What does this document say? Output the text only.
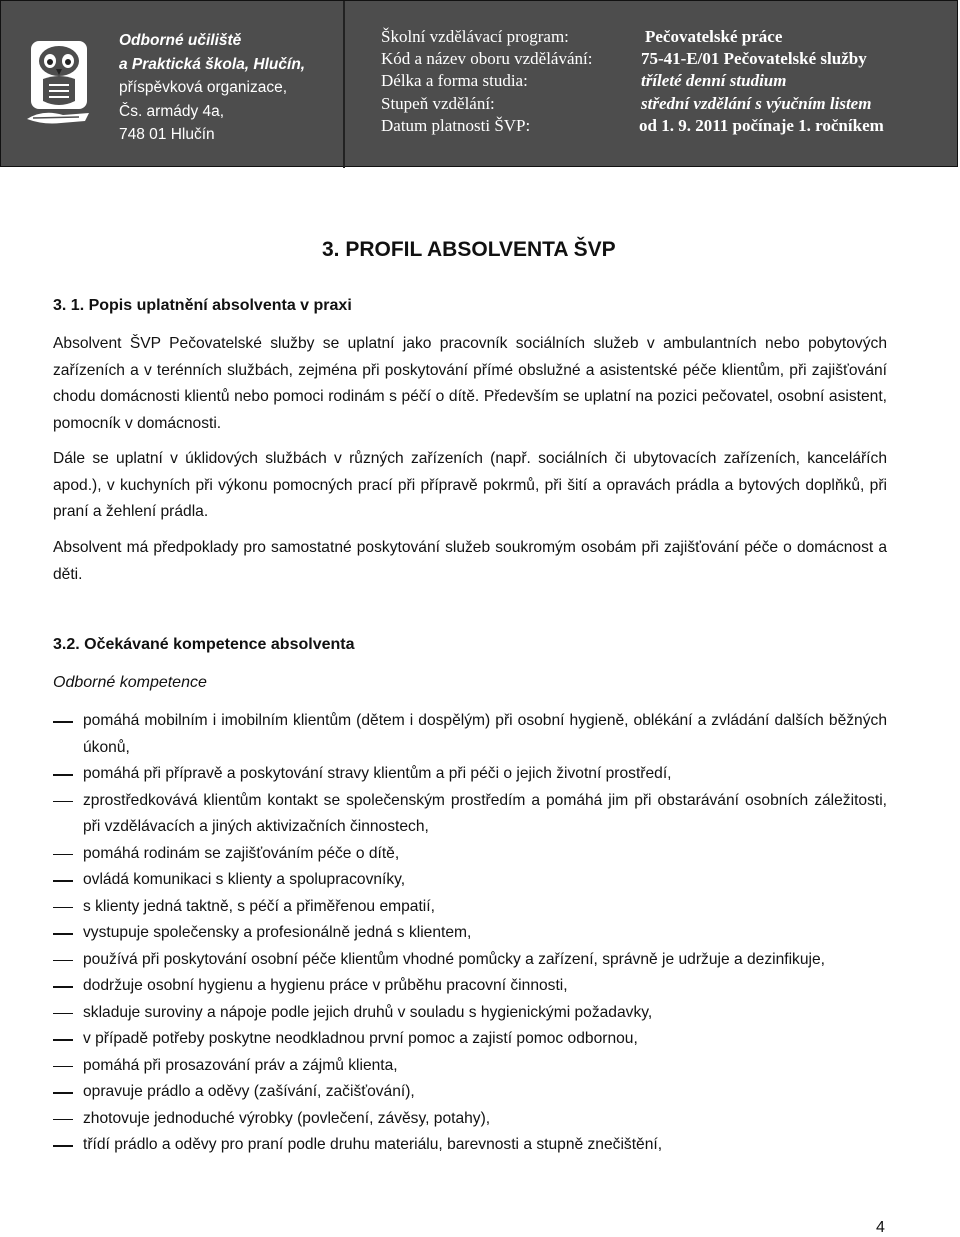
Odborné učiliště
a Praktická škola, Hlučín,
příspěvková organizace,
Čs. armády 4a,
748 01 Hlučín
Školní vzdělávací program:	Pečovatelské práce
Kód a název oboru vzdělávání:	75-41-E/01 Pečovatelské služby
Délka a forma studia:	tříleté denní studium
Stupeň vzdělání:	střední vzdělání s výučním listem
Datum platnosti ŠVP:	od 1. 9. 2011 počínaje 1. ročníkem
3. PROFIL ABSOLVENTA ŠVP
3. 1. Popis uplatnění absolventa v praxi
Absolvent ŠVP Pečovatelské služby se uplatní jako pracovník sociálních služeb v ambulantních nebo pobytových zařízeních a v terénních službách, zejména při poskytování přímé obslužné a asistentské péče klientům, při zajišťování chodu domácnosti klientů nebo pomoci rodinám s péčí o dítě. Především se uplatní na pozici pečovatel, osobní asistent, pomocník v domácnosti.
Dále se uplatní v úklidových službách v různých zařízeních (např. sociálních či ubytovacích zařízeních, kancelářích apod.), v kuchyních při výkonu pomocných prací při přípravě pokrmů, při šití a opravách prádla a bytových doplňků, při praní a žehlení prádla.
Absolvent má předpoklady pro samostatné poskytování služeb soukromým osobám při zajišťování péče o domácnost a děti.
3.2. Očekávané kompetence absolventa
Odborné kompetence
pomáhá mobilním i imobilním klientům (dětem i dospělým) při osobní hygieně, oblékání a zvládání dalších běžných úkonů,
pomáhá při přípravě a poskytování stravy klientům a při péči o jejich životní prostředí,
zprostředkovává klientům kontakt se společenským prostředím a pomáhá jim při obstarávání osobních záležitosti, při vzdělávacích a jiných aktivizačních činnostech,
pomáhá rodinám se zajišťováním péče o dítě,
ovládá komunikaci s klienty a spolupracovníky,
s klienty jedná taktně, s péčí a přiměřenou empatií,
vystupuje společensky a profesionálně jedná s klientem,
používá při poskytování osobní péče klientům vhodné pomůcky a zařízení, správně je udržuje a dezinfikuje,
dodržuje osobní hygienu a hygienu práce v průběhu pracovní činnosti,
skladuje suroviny a nápoje podle jejich druhů v souladu s hygienickými požadavky,
v případě potřeby poskytne neodkladnou první pomoc a zajistí pomoc odbornou,
pomáhá při prosazování práv a zájmů klienta,
opravuje prádlo a oděvy (zašívání, začišťování),
zhotovuje jednoduché výrobky (povlečení, závěsy, potahy),
třídí prádlo a oděvy pro praní podle druhu materiálu, barevnosti a stupně znečištění,
4
